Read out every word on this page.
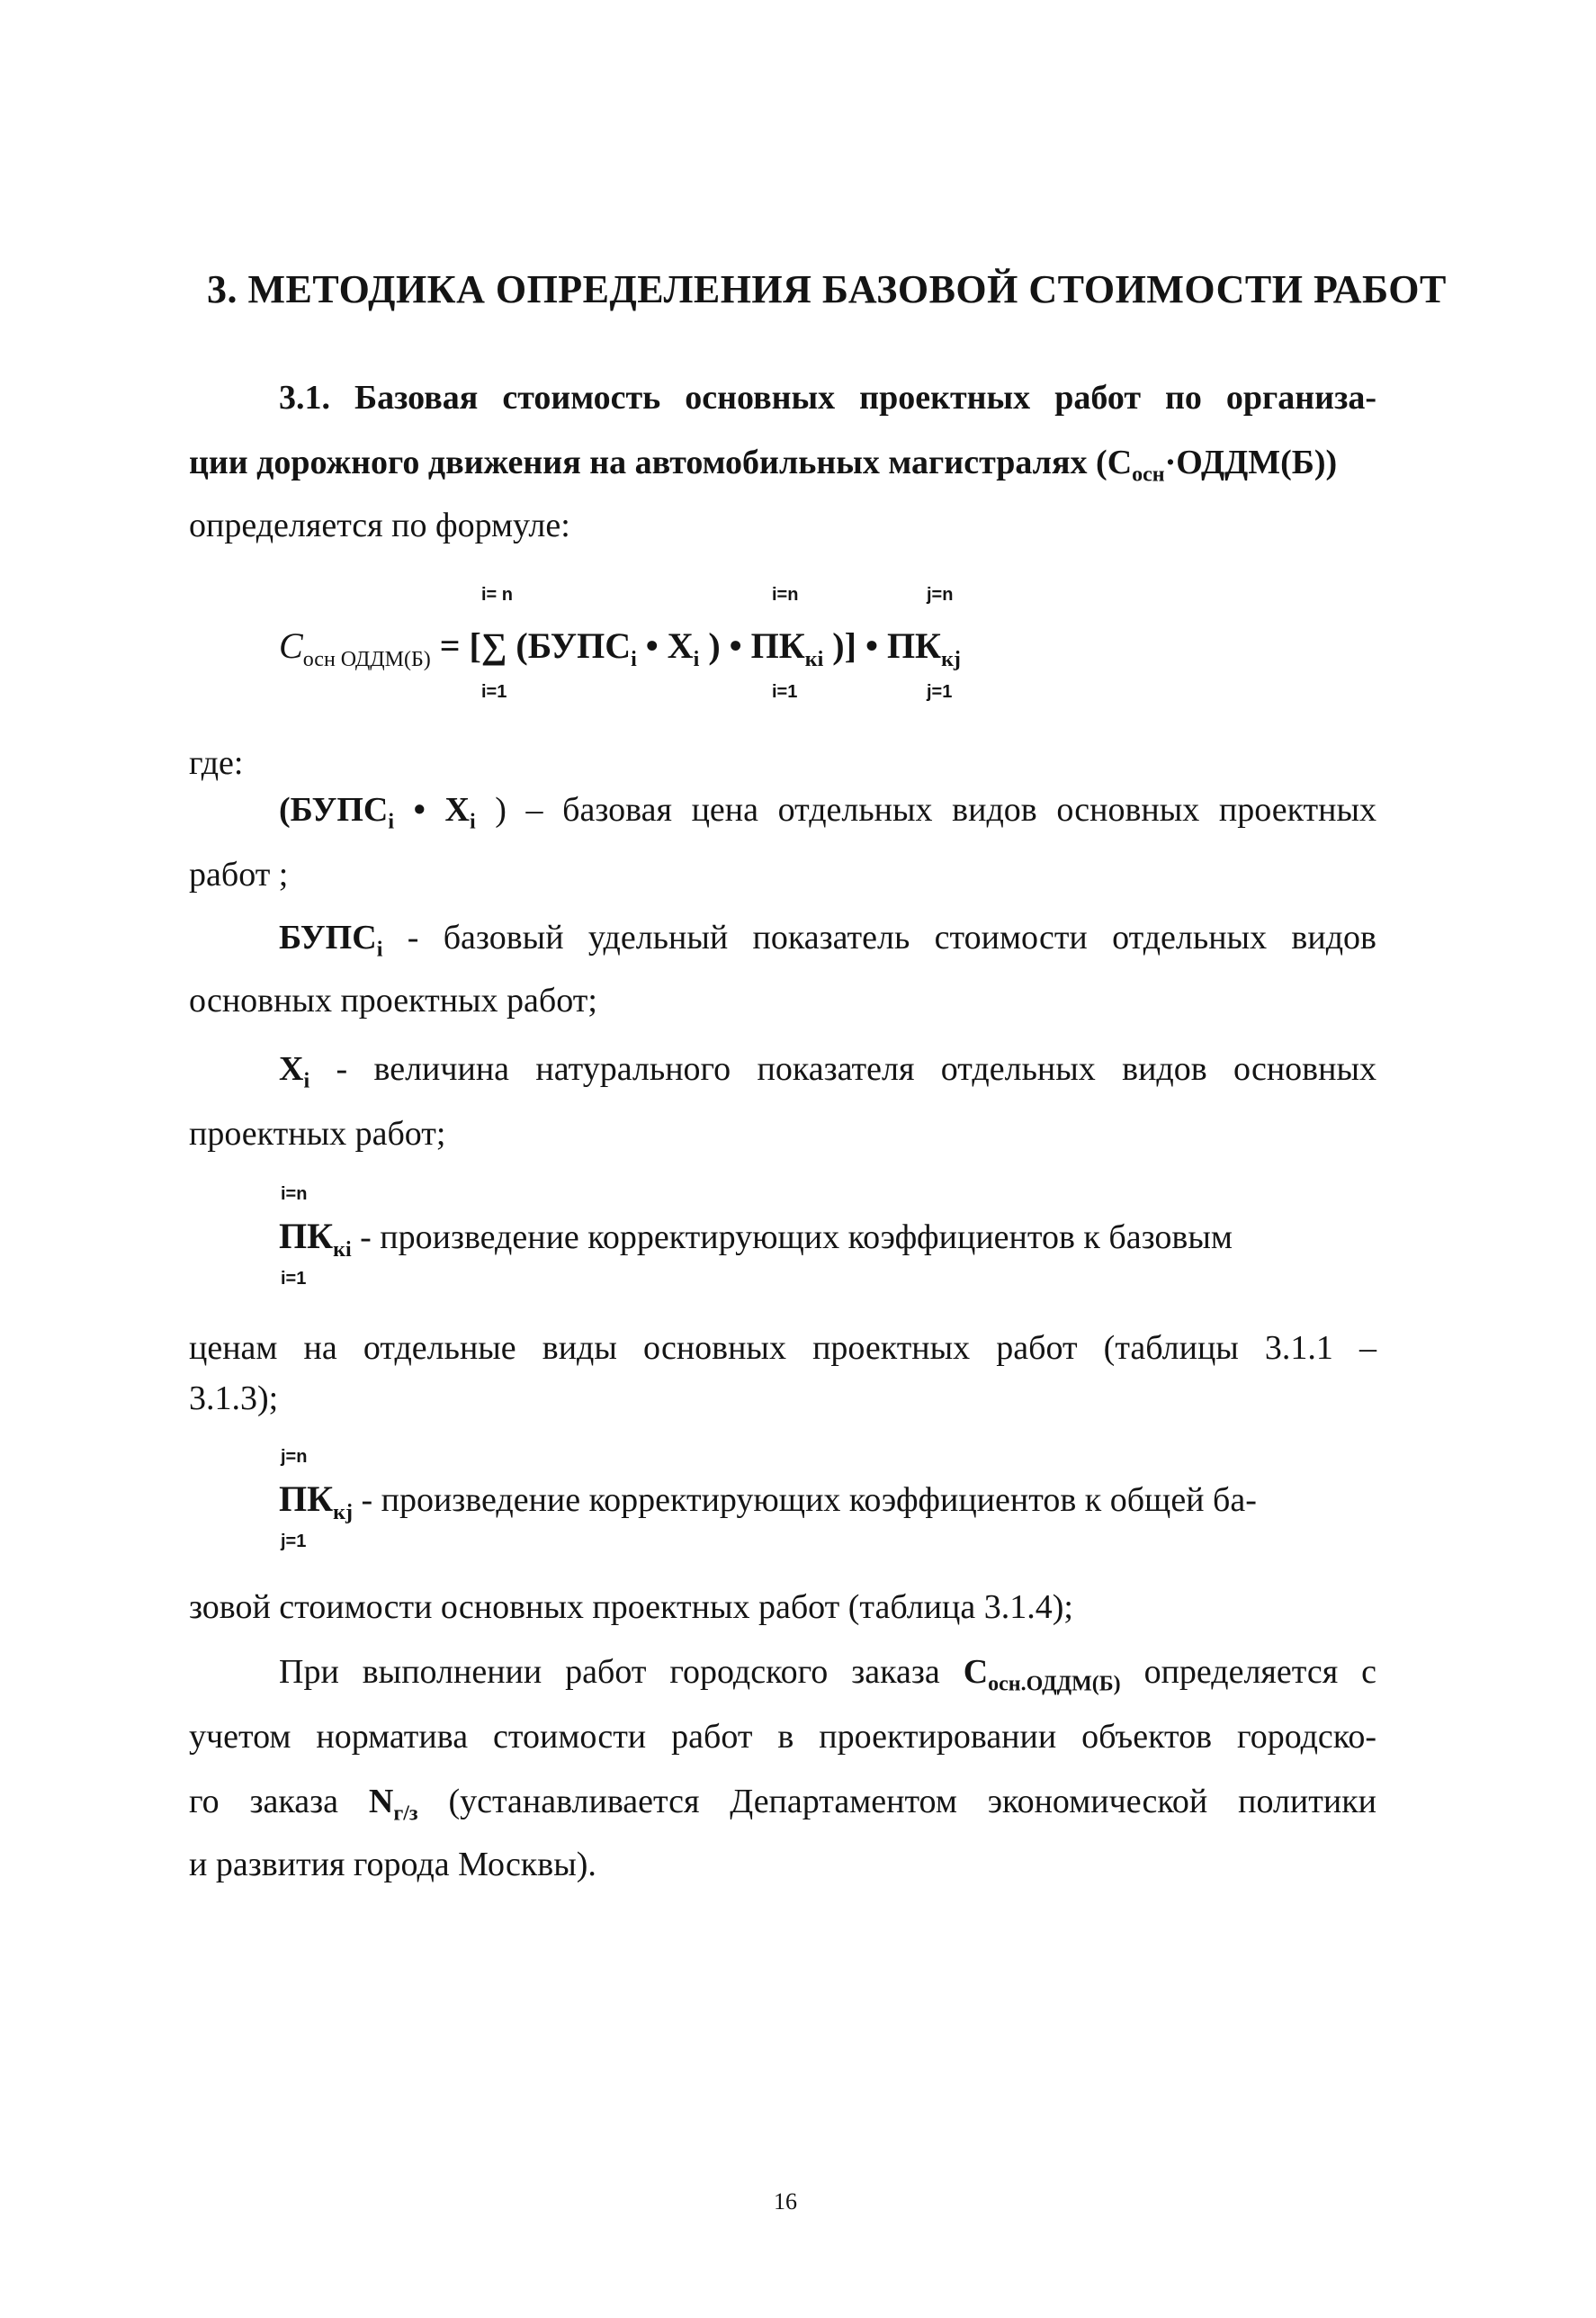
3. МЕТОДИКА ОПРЕДЕЛЕНИЯ БАЗОВОЙ СТОИМОСТИ РАБОТ
3.1. Базовая стоимость основных проектных работ по организа-
ции дорожного движения на автомобильных магистралях $(С_{осн}\cdot ОДДМ(Б))$
определяется по формуле:
i= n	i=n	j=n
$С_{осн ОДДМ(Б)}$ = [∑ ($БУПС_i$ • $Х_i$ ) • $ПК_{кi}$ )] • $ПК_{кj}$
i=1	i=1	j=1
где:
($БУПС_i$ • $Х_i$ ) – базовая цена отдельных видов основных проектных
работ ;
$БУПС_i$ - базовый удельный показатель стоимости отдельных видов
основных проектных работ;
$Х_i$ - величина натурального показателя отдельных видов основных
проектных работ;
i=n
$ПК_{кi}$ - произведение корректирующих коэффициентов к базовым
i=1
ценам на отдельные виды основных проектных работ (таблицы 3.1.1 –
3.1.3);
j=n
$ПК_{кj}$ - произведение корректирующих коэффициентов к общей ба-
j=1
зовой стоимости основных проектных работ (таблица 3.1.4);
При выполнении работ городского заказа $С_{осн.ОДДМ(Б)}$ определяется с
учетом норматива стоимости работ в проектировании объектов городско-
го заказа $N_{г/з}$ (устанавливается Департаментом экономической политики
и развития города Москвы).
16
